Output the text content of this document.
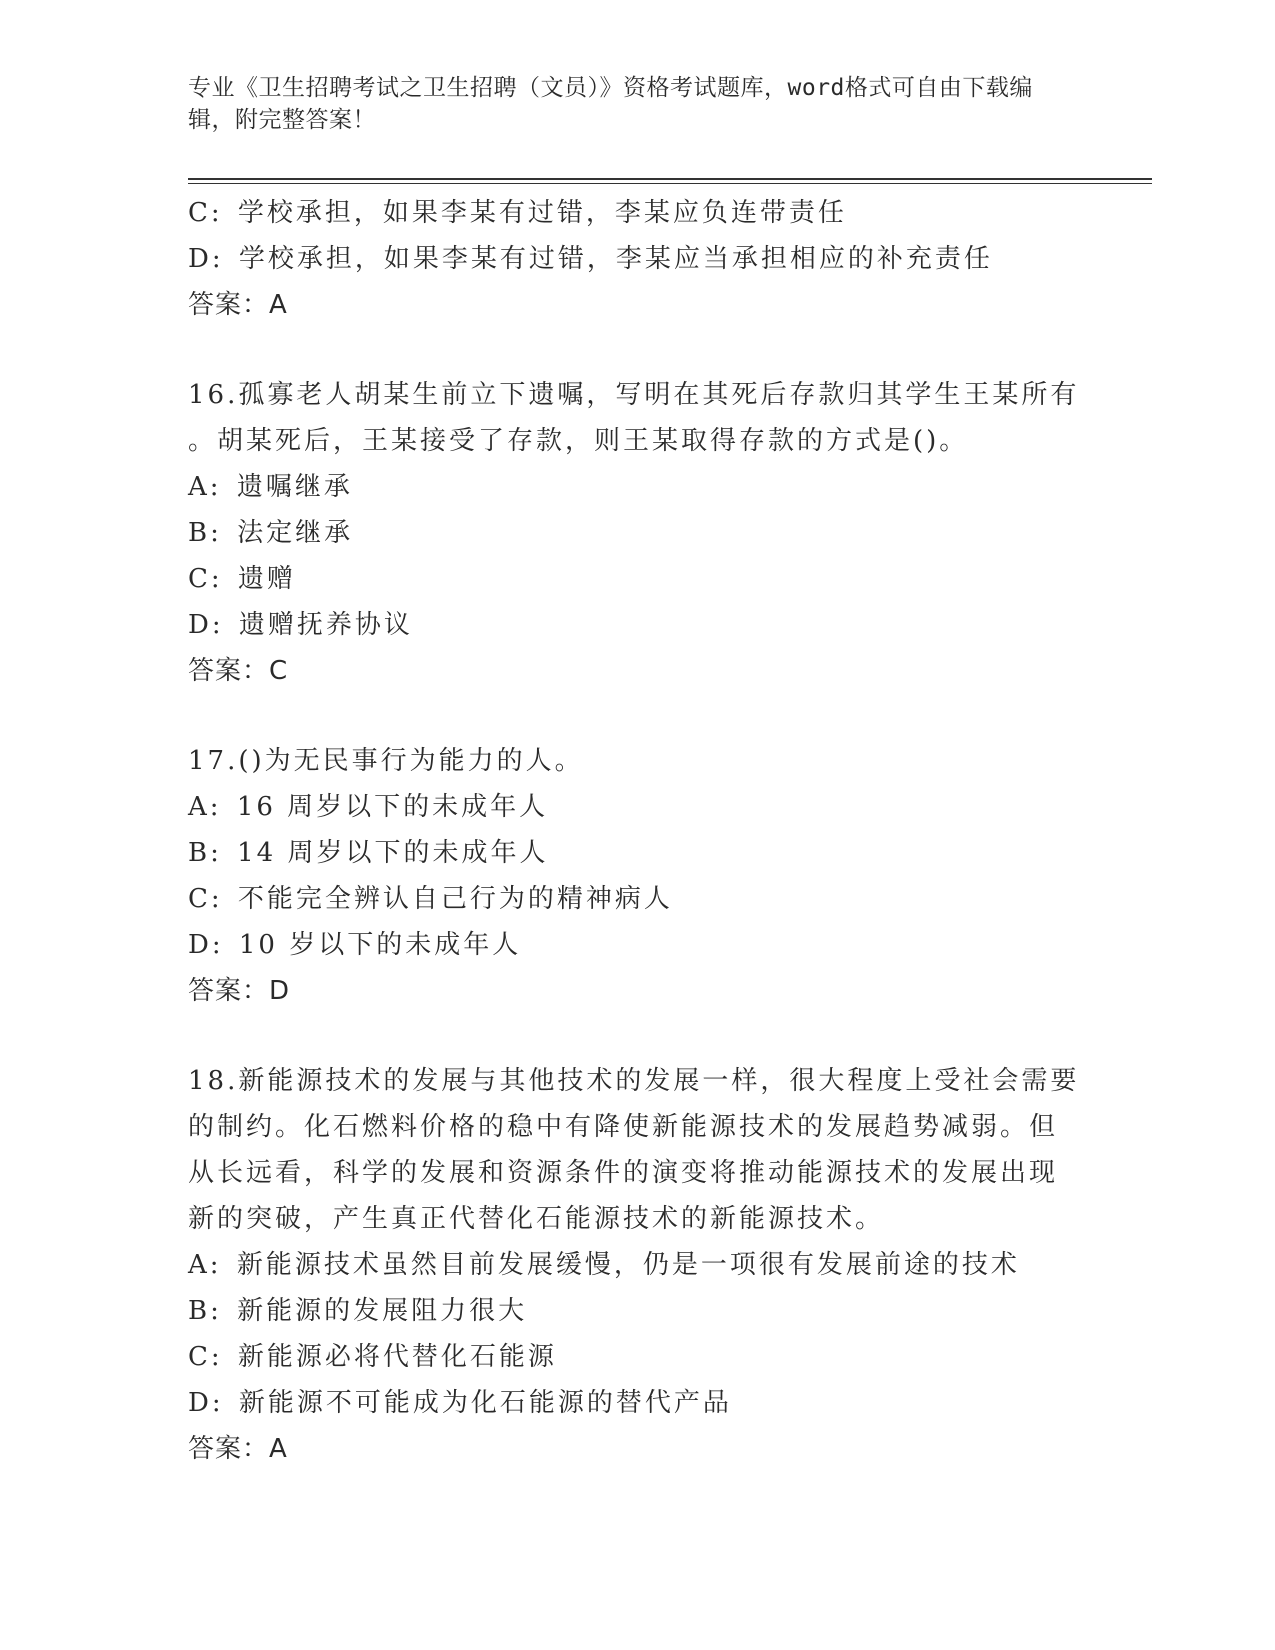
专业《卫生招聘考试之卫生招聘（文员）》资格考试题库，word格式可自由下载编辑，附完整答案！
C: 学校承担，如果李某有过错，李某应负连带责任
D: 学校承担，如果李某有过错，李某应当承担相应的补充责任
答案：A
16.孤寡老人胡某生前立下遗嘱，写明在其死后存款归其学生王某所有
。胡某死后，王某接受了存款，则王某取得存款的方式是()。
A: 遗嘱继承
B: 法定继承
C: 遗赠
D: 遗赠抚养协议
答案：C
17.()为无民事行为能力的人。
A: 16 周岁以下的未成年人
B: 14 周岁以下的未成年人
C: 不能完全辨认自己行为的精神病人
D: 10 岁以下的未成年人
答案：D
18.新能源技术的发展与其他技术的发展一样，很大程度上受社会需要
的制约。化石燃料价格的稳中有降使新能源技术的发展趋势减弱。但
从长远看，科学的发展和资源条件的演变将推动能源技术的发展出现
新的突破，产生真正代替化石能源技术的新能源技术。
A: 新能源技术虽然目前发展缓慢，仍是一项很有发展前途的技术
B: 新能源的发展阻力很大
C: 新能源必将代替化石能源
D: 新能源不可能成为化石能源的替代产品
答案：A
